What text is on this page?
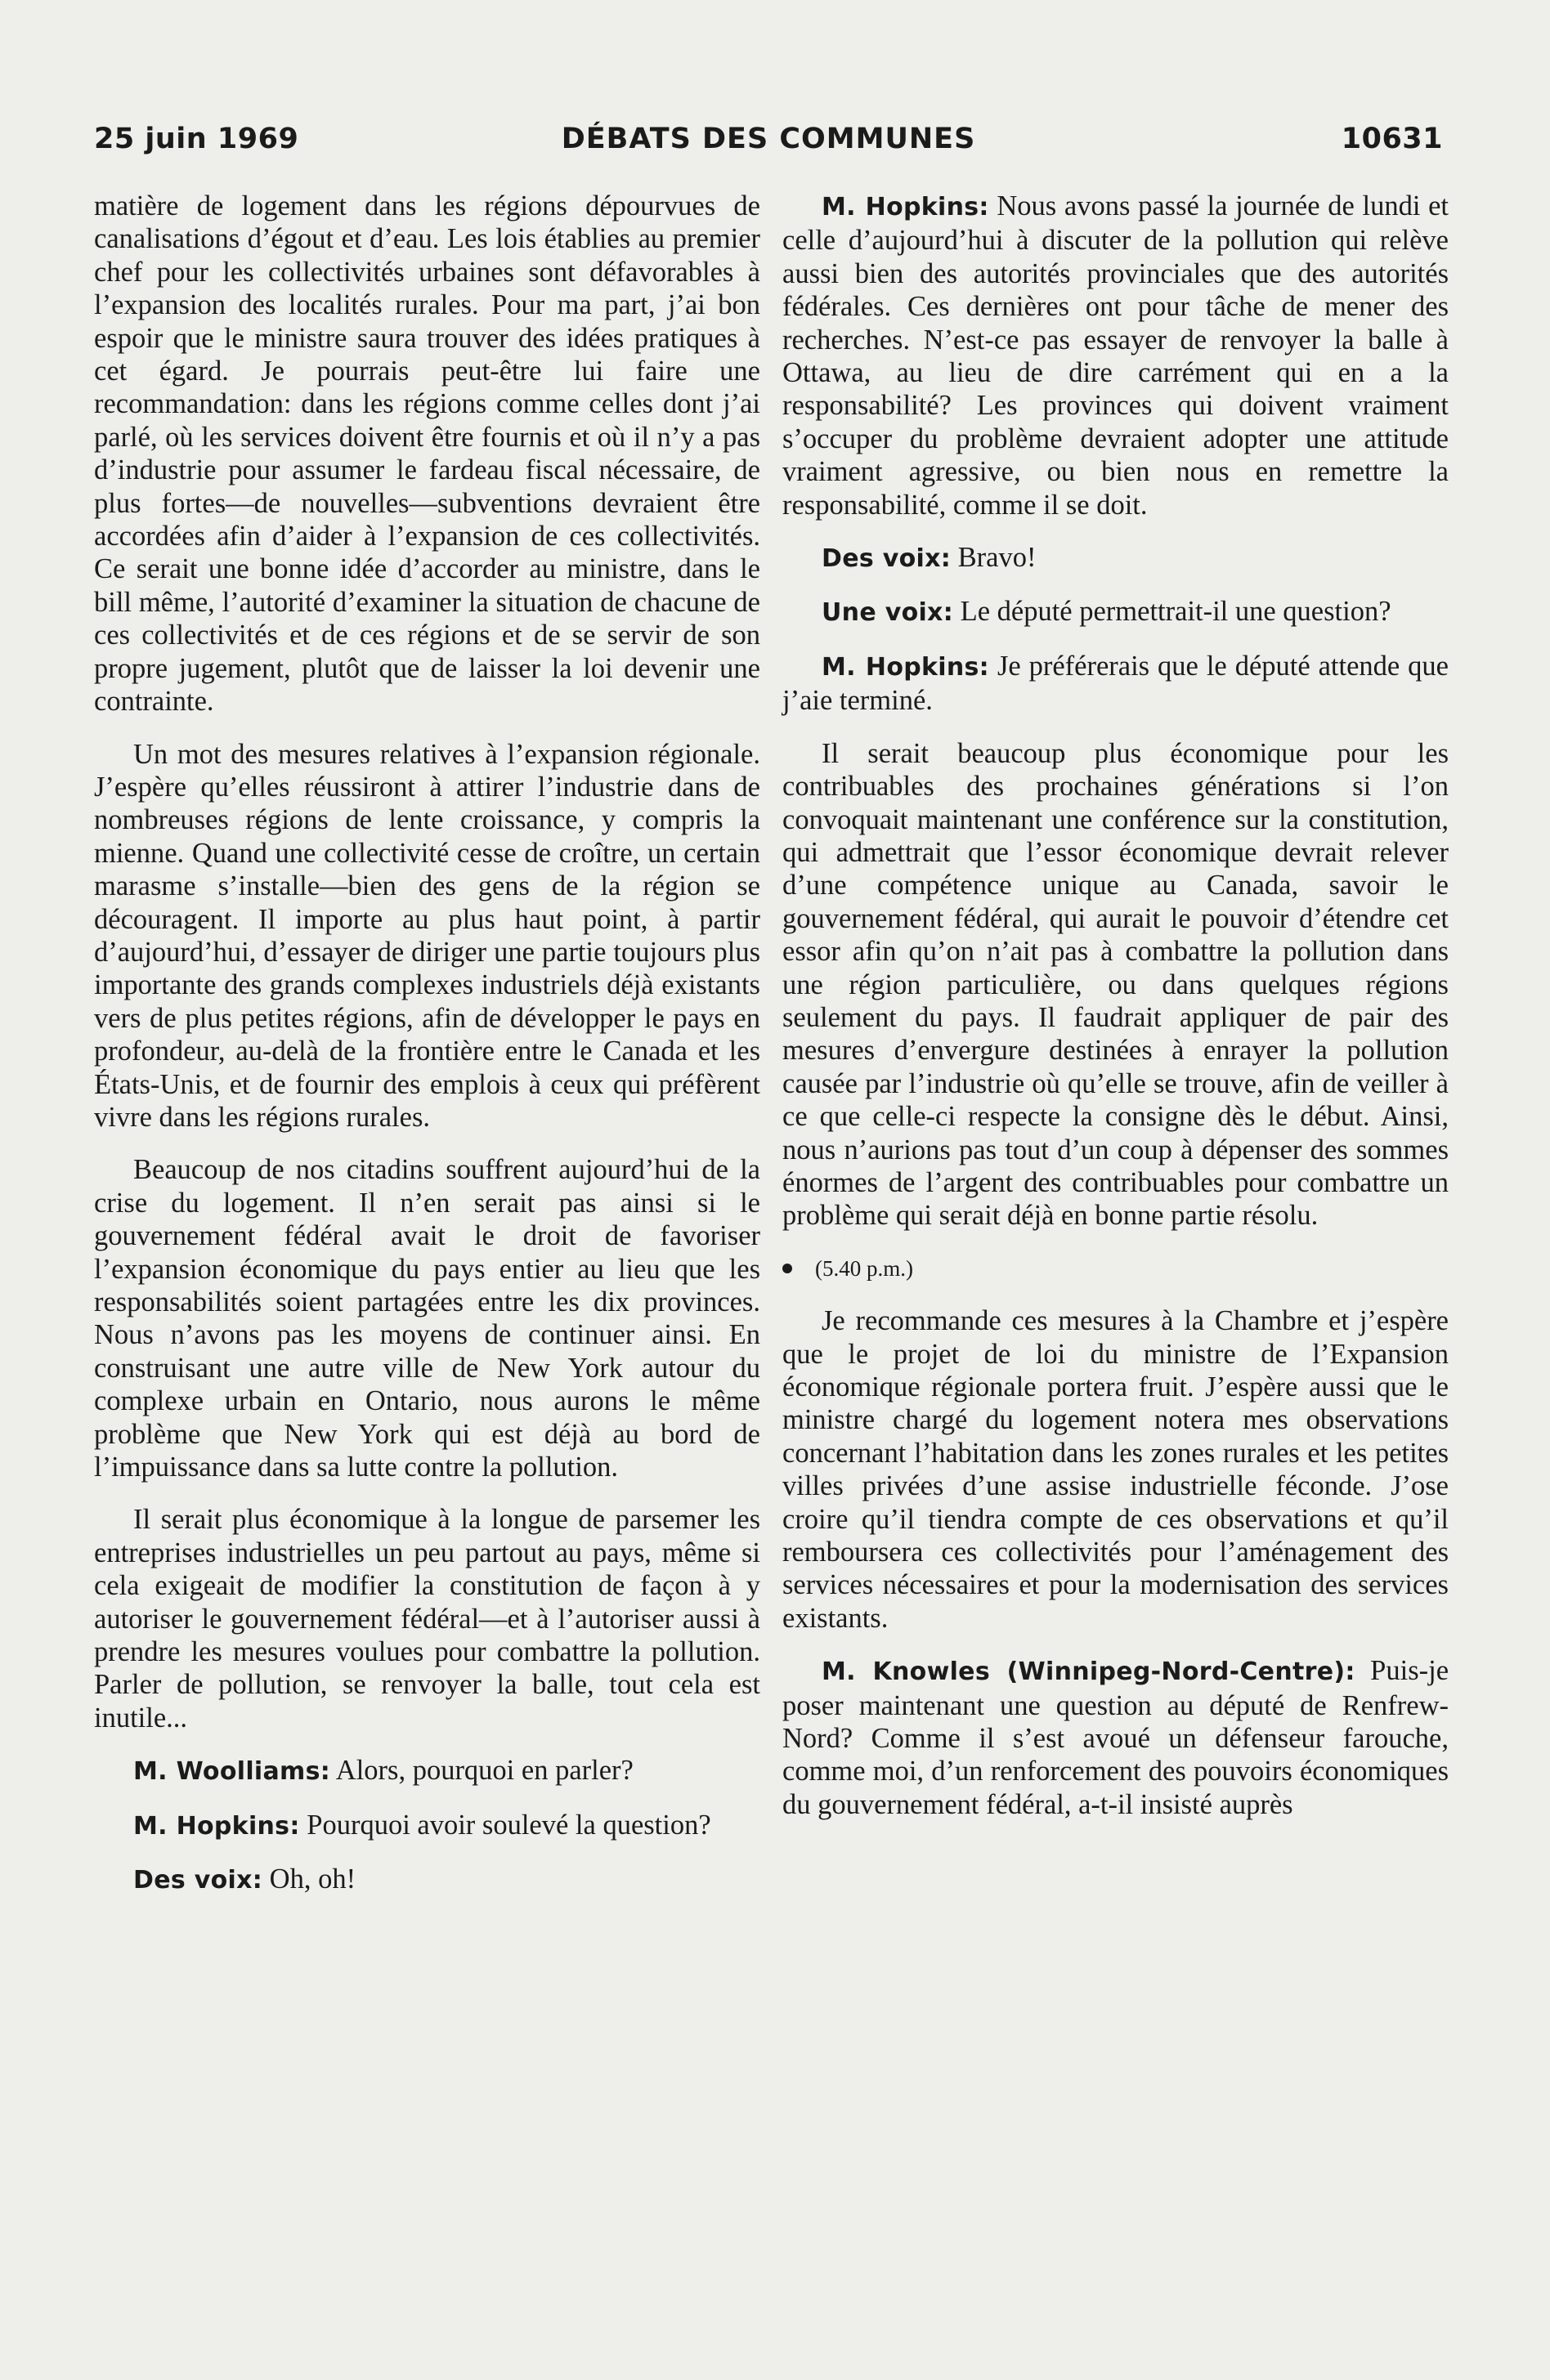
25 juin 1969	DÉBATS DES COMMUNES	10631

matière de logement dans les régions dépourvues de canalisations d’égout et d’eau. Les lois établies au premier chef pour les collectivités urbaines sont défavorables à l’expansion des localités rurales. Pour ma part, j’ai bon espoir que le ministre saura trouver des idées pratiques à cet égard. Je pourrais peut-être lui faire une recommandation: dans les régions comme celles dont j’ai parlé, où les services doivent être fournis et où il n’y a pas d’industrie pour assumer le fardeau fiscal nécessaire, de plus fortes—de nouvelles—subventions devraient être accordées afin d’aider à l’expansion de ces collectivités. Ce serait une bonne idée d’accorder au ministre, dans le bill même, l’autorité d’examiner la situation de chacune de ces collectivités et de ces régions et de se servir de son propre jugement, plutôt que de laisser la loi devenir une contrainte.

Un mot des mesures relatives à l’expansion régionale. J’espère qu’elles réussiront à attirer l’industrie dans de nombreuses régions de lente croissance, y compris la mienne. Quand une collectivité cesse de croître, un certain marasme s’installe—bien des gens de la région se découragent. Il importe au plus haut point, à partir d’aujourd’hui, d’essayer de diriger une partie toujours plus importante des grands complexes industriels déjà existants vers de plus petites régions, afin de développer le pays en profondeur, au-delà de la frontière entre le Canada et les États-Unis, et de fournir des emplois à ceux qui préfèrent vivre dans les régions rurales.

Beaucoup de nos citadins souffrent aujourd’hui de la crise du logement. Il n’en serait pas ainsi si le gouvernement fédéral avait le droit de favoriser l’expansion économique du pays entier au lieu que les responsabilités soient partagées entre les dix provinces. Nous n’avons pas les moyens de continuer ainsi. En construisant une autre ville de New York autour du complexe urbain en Ontario, nous aurons le même problème que New York qui est déjà au bord de l’impuissance dans sa lutte contre la pollution.

Il serait plus économique à la longue de parsemer les entreprises industrielles un peu partout au pays, même si cela exigeait de modifier la constitution de façon à y autoriser le gouvernement fédéral—et à l’autoriser aussi à prendre les mesures voulues pour combattre la pollution. Parler de pollution, se renvoyer la balle, tout cela est inutile...

M. Woolliams: Alors, pourquoi en parler?

M. Hopkins: Pourquoi avoir soulevé la question?

Des voix: Oh, oh!

M. Hopkins: Nous avons passé la journée de lundi et celle d’aujourd’hui à discuter de la pollution qui relève aussi bien des autorités provinciales que des autorités fédérales. Ces dernières ont pour tâche de mener des recherches. N’est-ce pas essayer de renvoyer la balle à Ottawa, au lieu de dire carrément qui en a la responsabilité? Les provinces qui doivent vraiment s’occuper du problème devraient adopter une attitude vraiment agressive, ou bien nous en remettre la responsabilité, comme il se doit.

Des voix: Bravo!

Une voix: Le député permettrait-il une question?

M. Hopkins: Je préférerais que le député attende que j’aie terminé.

Il serait beaucoup plus économique pour les contribuables des prochaines générations si l’on convoquait maintenant une conférence sur la constitution, qui admettrait que l’essor économique devrait relever d’une compétence unique au Canada, savoir le gouvernement fédéral, qui aurait le pouvoir d’étendre cet essor afin qu’on n’ait pas à combattre la pollution dans une région particulière, ou dans quelques régions seulement du pays. Il faudrait appliquer de pair des mesures d’envergure destinées à enrayer la pollution causée par l’industrie où qu’elle se trouve, afin de veiller à ce que celle-ci respecte la consigne dès le début. Ainsi, nous n’aurions pas tout d’un coup à dépenser des sommes énormes de l’argent des contribuables pour combattre un problème qui serait déjà en bonne partie résolu.

(5.40 p.m.)

Je recommande ces mesures à la Chambre et j’espère que le projet de loi du ministre de l’Expansion économique régionale portera fruit. J’espère aussi que le ministre chargé du logement notera mes observations concernant l’habitation dans les zones rurales et les petites villes privées d’une assise industrielle féconde. J’ose croire qu’il tiendra compte de ces observations et qu’il remboursera ces collectivités pour l’aménagement des services nécessaires et pour la modernisation des services existants.

M. Knowles (Winnipeg-Nord-Centre): Puis-je poser maintenant une question au député de Renfrew-Nord? Comme il s’est avoué un défenseur farouche, comme moi, d’un renforcement des pouvoirs économiques du gouvernement fédéral, a-t-il insisté auprès
